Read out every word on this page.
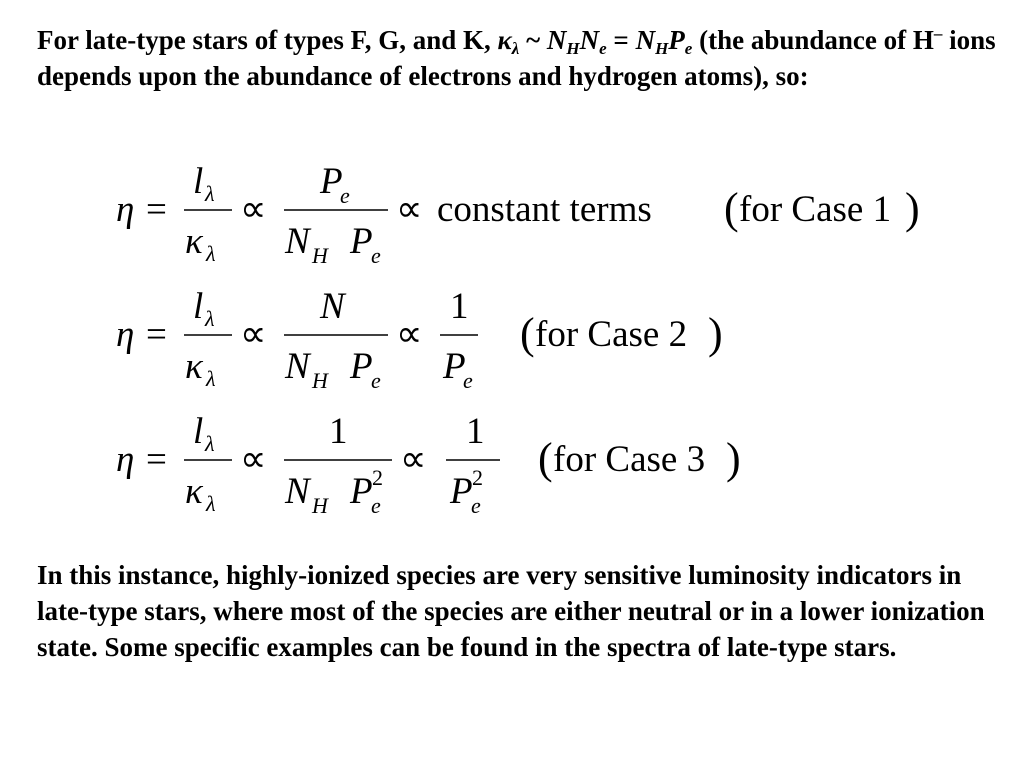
For late-type stars of types F, G, and K, $\kappa_\lambda$ ~ $N_HN_e = N_HP_e$ (the abundance of H– ions depends upon the abundance of electrons and hydrogen atoms), so:
η =
l λ
κ λ
∝
P
e
N H P
e
∝ constant terms ( for Case 1 )
η =
l λ
κ λ
∝
N
N H P
e
∝
1
P
e
( for Case 2 )
η =
l λ
κ λ
∝
1
N H P
e
2 ∝
1
P
e
2 ( for Case 3 )
In this instance, highly-ionized species are very sensitive luminosity indicators in late-type stars, where most of the species are either neutral or in a lower ionization state. Some specific examples can be found in the spectra of late-type stars.
